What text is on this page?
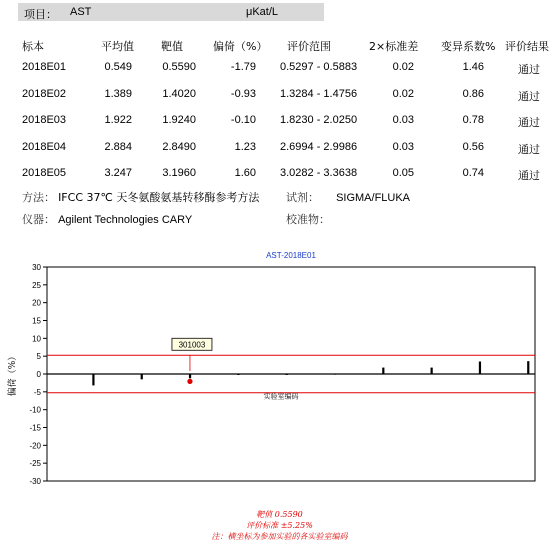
项目： AST	μKat/L
标本	平均值 靶值	偏倚（%） 评价范围	2×标准差 变异系数% 评价结果
2018E01	0.549	0.5590	-1.79 0.5297 - 0.5883	0.02	1.46	通过
2018E02	1.389	1.4020	-0.93 1.3284 - 1.4756	0.02	0.86	通过
2018E03	1.922	1.9240	-0.10 1.8230 - 2.0250	0.03	0.78	通过
2018E04	2.884	2.8490	1.23 2.6994 - 2.9986	0.03	0.56	通过
2018E05	3.247	3.1960	1.60 3.0282 - 3.3638	0.05	0.74	通过
方法： IFCC 37℃ 天冬氨酸氨基转移酶参考方法 试剂： SIGMA/FLUKA
仪器： Agilent Technologies CARY	校准物：
AST-2018E01
30
25
20
15
10
5
0
-5
-10
-15
-20
-25
-30
偏倚（%）
301003
实验室编码
靶值 0.5590
评价标准 ±5.25%
注：横坐标为参加实验的各实验室编码
